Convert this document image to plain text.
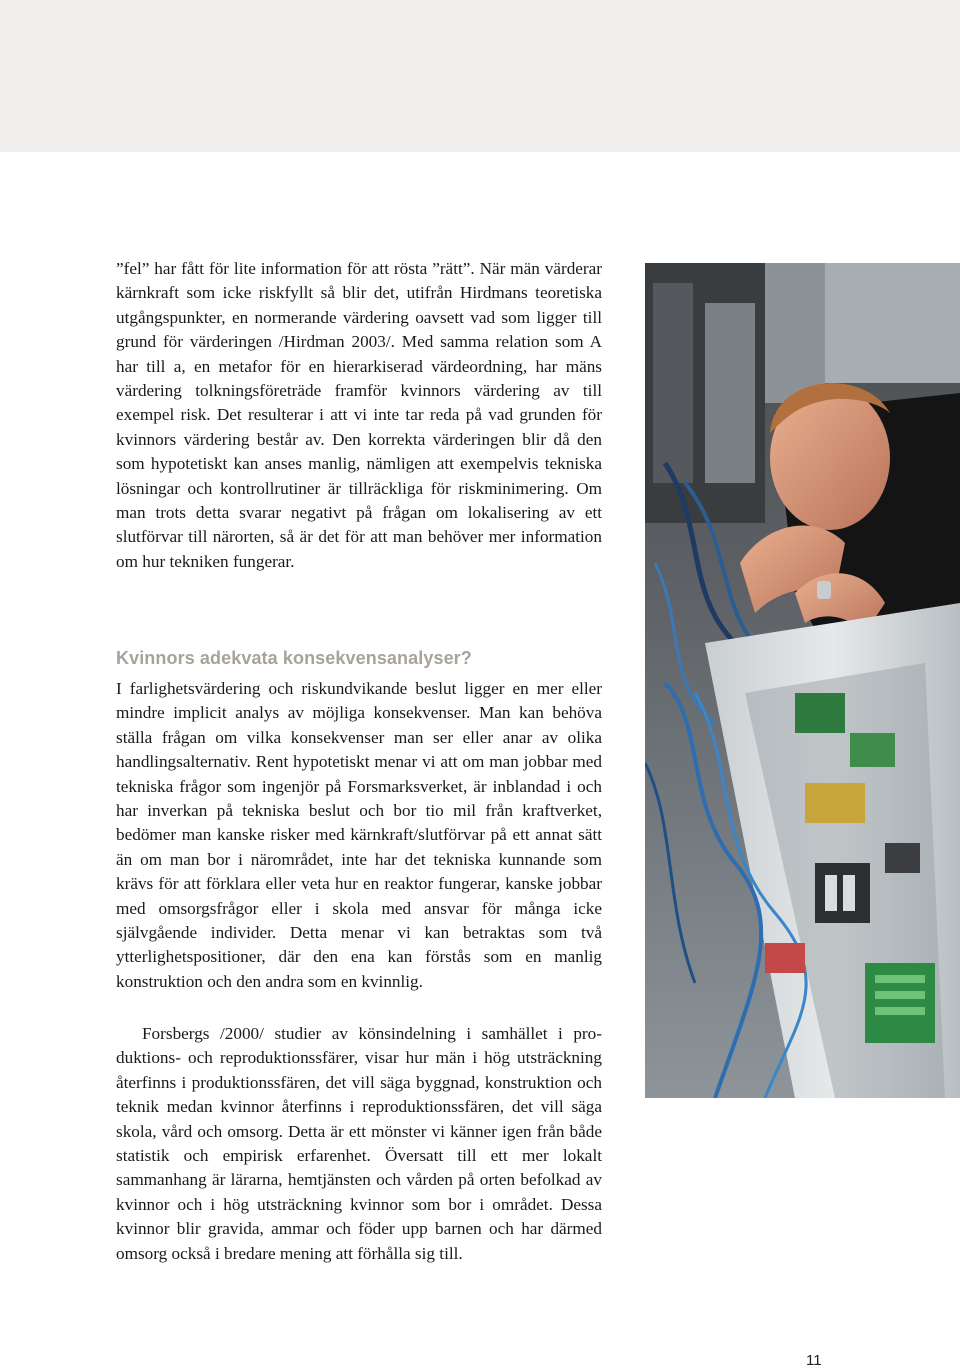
”fel” har fått för lite information för att rösta ”rätt”. När män värderar kärnkraft som icke riskfyllt så blir det, utifrån Hirdmans teoretiska utgångspunkter, en normerande värdering oavsett vad som ligger till grund för värderingen /Hirdman 2003/. Med samma relation som A har till a, en metafor för en hierarkiserad värdeordning, har mäns värdering tolkningsföreträde framför kvinnors värdering av till exempel risk. Det resulterar i att vi inte tar reda på vad grunden för kvinnors värdering består av. Den korrekta värderingen blir då den som hypotetiskt kan anses manlig, nämligen att exempelvis tekniska lösningar och kontrollrutiner är tillräckliga för riskminimering. Om man trots detta svarar negativt på frågan om lokalisering av ett slutförvar till närorten, så är det för att man behöver mer information om hur tekniken fungerar.

Kvinnors adekvata konsekvensanalyser?

I farlighetsvärdering och riskundvikande beslut ligger en mer eller mindre implicit analys av möjliga konsekvenser. Man kan behöva ställa frågan om vilka konsekvenser man ser eller anar av olika handlingsalternativ. Rent hypotetiskt menar vi att om man jobbar med tekniska frågor som ingenjör på Forsmarksverket, är inblandad i och har inverkan på tekniska beslut och bor tio mil från kraftverket, bedömer man kanske risker med kärnkraft/slutförvar på ett annat sätt än om man bor i närområdet, inte har det tekniska kunnande som krävs för att förklara eller veta hur en reaktor fungerar, kanske jobbar med omsorgsfrågor eller i skola med ansvar för många icke självgående individer. Detta menar vi kan betraktas som två ytterlighetspositioner, där den ena kan förstås som en manlig konstruktion och den andra som en kvinnlig.

Forsbergs /2000/ studier av könsindelning i samhället i produktions- och reproduktionssfärer, visar hur män i hög utsträckning återfinns i produktionssfären, det vill säga byggnad, konstruktion och teknik medan kvinnor återfinns i reproduktionssfären, det vill säga skola, vård och omsorg. Detta är ett mönster vi känner igen från både statistik och empirisk erfarenhet. Översatt till ett mer lokalt sammanhang är lärarna, hemtjänsten och vården på orten befolkad av kvinnor och i hög utsträckning kvinnor som bor i området. Dessa kvinnor blir gravida, ammar och föder upp barnen och har därmed omsorg också i bredare mening att förhålla sig till.

11
